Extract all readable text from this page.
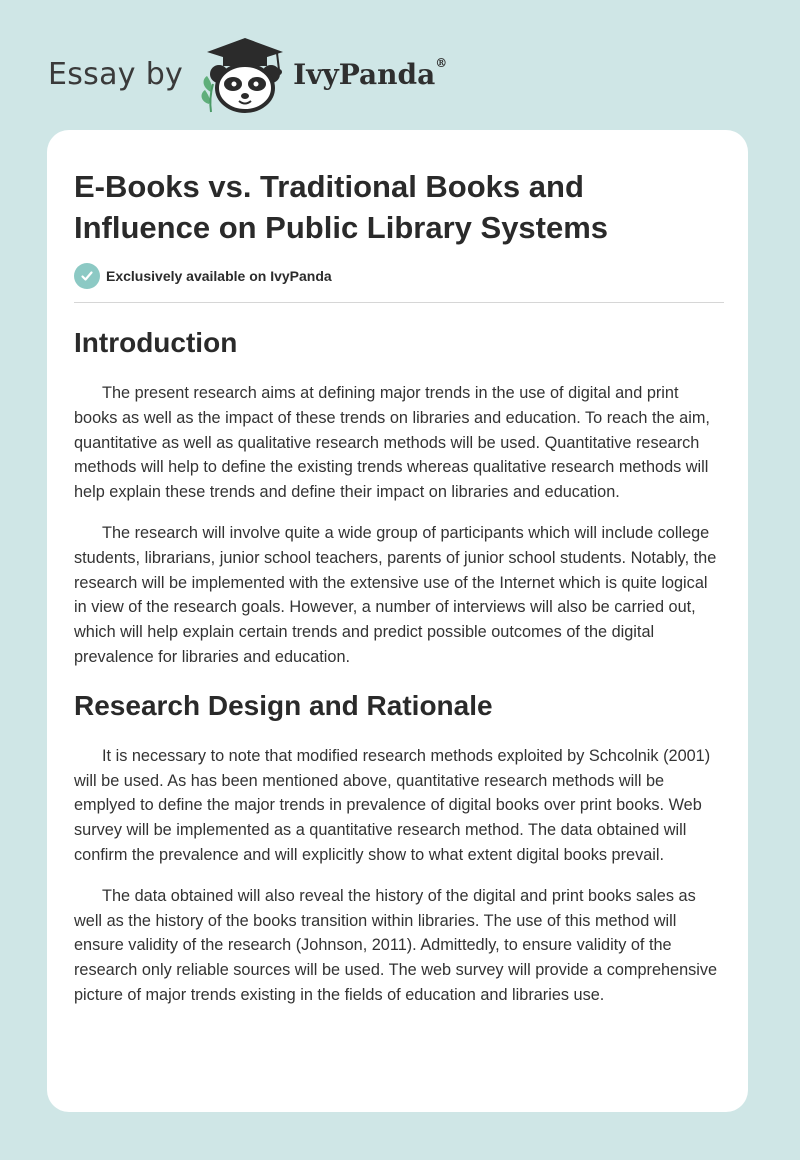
Essay by	IvyPanda®
E-Books vs. Traditional Books and Influence on Public Library Systems
Exclusively available on IvyPanda
Introduction

The present research aims at defining major trends in the use of digital and print books as well as the impact of these trends on libraries and education. To reach the aim, quantitative as well as qualitative research methods will be used. Quantitative research methods will help to define the existing trends whereas qualitative research methods will help explain these trends and define their impact on libraries and education.

The research will involve quite a wide group of participants which will include college students, librarians, junior school teachers, parents of junior school students. Notably, the research will be implemented with the extensive use of the Internet which is quite logical in view of the research goals. However, a number of interviews will also be carried out, which will help explain certain trends and predict possible outcomes of the digital prevalence for libraries and education.

Research Design and Rationale

It is necessary to note that modified research methods exploited by Schcolnik (2001) will be used. As has been mentioned above, quantitative research methods will be emplyed to define the major trends in prevalence of digital books over print books. Web survey will be implemented as a quantitative research method. The data obtained will confirm the prevalence and will explicitly show to what extent digital books prevail.

The data obtained will also reveal the history of the digital and print books sales as well as the history of the books transition within libraries. The use of this method will ensure validity of the research (Johnson, 2011). Admittedly, to ensure validity of the research only reliable sources will be used. The web survey will provide a comprehensive picture of major trends existing in the fields of education and libraries use.
